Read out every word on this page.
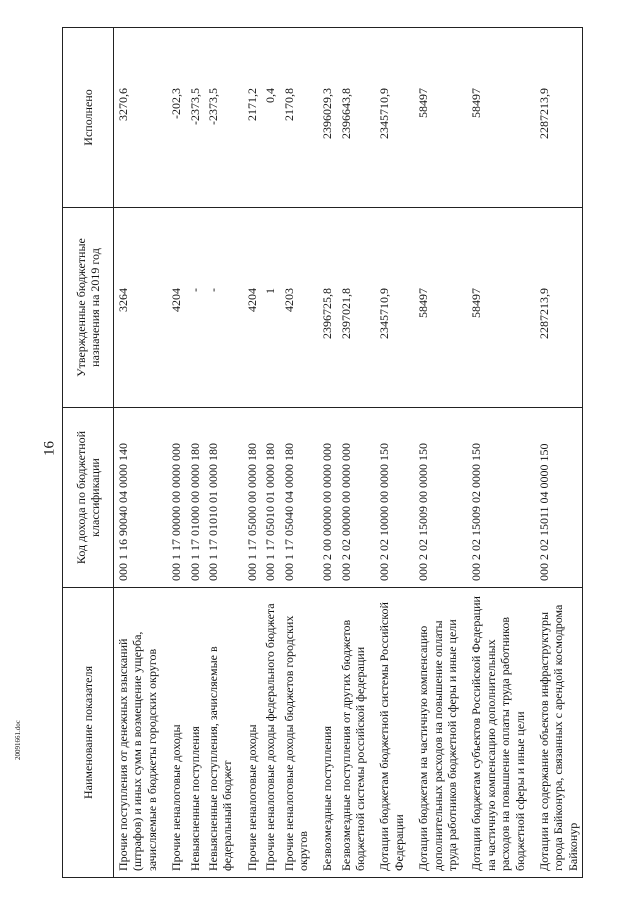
16
20091661.doc	Наименование показателя	Код дохода по бюджетной классификации	Утвержденные бюджетные назначения на 2019 год	Исполнено
Прочие поступления от денежных взысканий (штрафов) и иных сумм в возмещение ущерба, зачисляемые в бюджеты городских округов	000 1 16 90040 04 0000 140	3264	3270,6
Прочие неналоговые доходы	000 1 17 00000 00 0000 000	4204	-202,3
Невыясненные поступления	000 1 17 01000 00 0000 180	-	-2373,5
Невыясненные поступления, зачисляемые в федеральный бюджет	000 1 17 01010 01 0000 180	-	-2373,5
Прочие неналоговые доходы	000 1 17 05000 00 0000 180	4204	2171,2
Прочие неналоговые доходы федерального бюджета	000 1 17 05010 01 0000 180	1	0,4
Прочие неналоговые доходы бюджетов городских округов	000 1 17 05040 04 0000 180	4203	2170,8
Безвозмездные поступления	000 2 00 00000 00 0000 000	2396725,8	2396029,3
Безвозмездные поступления от других бюджетов бюджетной системы российской федерации	000 2 02 00000 00 0000 000	2397021,8	2396643,8
Дотации бюджетам бюджетной системы Российской Федерации	000 2 02 10000 00 0000 150	2345710,9	2345710,9
Дотации бюджетам на частичную компенсацию дополнительных расходов на повышение оплаты труда работников бюджетной сферы и иные цели	000 2 02 15009 00 0000 150	58497	58497
Дотации бюджетам субъектов Российской Федерации на частичную компенсацию дополнительных расходов на повышение оплаты труда работников бюджетной сферы и иные цели	000 2 02 15009 02 0000 150	58497	58497
Дотации на содержание объектов инфраструктуры города Байконура, связанных с арендой космодрома Байконур	000 2 02 15011 04 0000 150	2287213,9	2287213,9
